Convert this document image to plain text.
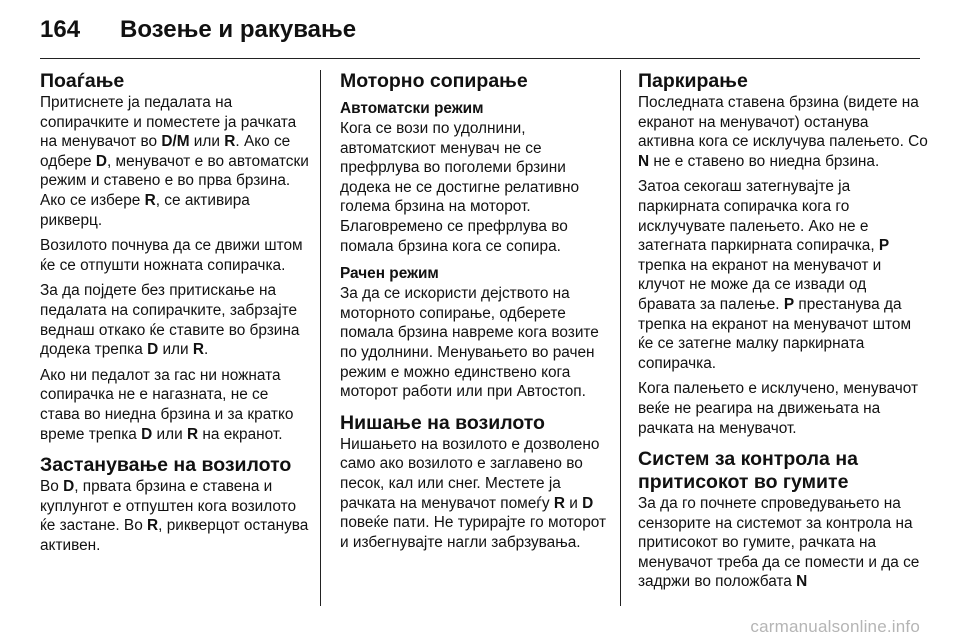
164	Возење и ракување
Поаѓање

Притиснете ја педалата на сопирачките и поместете ја рачката на менувачот во D/M или R. Ако се одбере D, менувачот е во автоматски режим и ставено е во прва брзина. Ако се избере R, се активира рикверц.

Возилото почнува да се движи штом ќе се отпушти ножната сопирачка.

За да појдете без притискање на педалата на сопирачките, забрзајте веднаш откако ќе ставите во брзина додека трепка D или R.

Ако ни педалот за гас ни ножната сопирачка не е нагазната, не се става во ниедна брзина и за кратко време трепка D или R на екранот.

Застанување на возилото

Во D, првата брзина е ставена и куплунгот е отпуштен кога возилото ќе застане. Во R, рикверцот останува активен.

Моторно сопирање
Автоматски режим

Кога се вози по удолнини, автоматскиот менувач не се префрлува во поголеми брзини додека не се достигне релативно голема брзина на моторот. Благовремено се префрлува во помала брзина кога се сопира.

Рачен режим

За да се искористи дејството на моторното сопирање, одберете помала брзина навреме кога возите по удолнини. Менувањето во рачен режим е можно единствено кога моторот работи или при Автостоп.

Нишање на возилото

Нишањето на возилото е дозволено само ако возилото е заглавено во песок, кал или снег. Местете ја рачката на менувачот помеѓу R и D повеќе пати. Не турирајте го моторот и избегнувајте нагли забрзувања.

Паркирање

Последната ставена брзина (видете на екранот на менувачот) останува активна кога се исклучува палењето. Со N не е ставено во ниедна брзина.

Затоа секогаш затегнувајте ја паркирната сопирачка кога го исклучувате палењето. Ако не е затегната паркирната сопирачка, P трепка на екранот на менувачот и клучот не може да се извади од бравата за палење. P престанува да трепка на екранот на менувачот штом ќе се затегне малку паркирната сопирачка.

Кога палењето е исклучено, менувачот веќе не реагира на движењата на рачката на менувачот.

Систем за контрола на притисокот во гумите

За да го почнете спроведувањето на сензорите на системот за контрола на притисокот во гумите, рачката на менувачот треба да се помести и да се задржи во положбата N

carmanualsonline.info
